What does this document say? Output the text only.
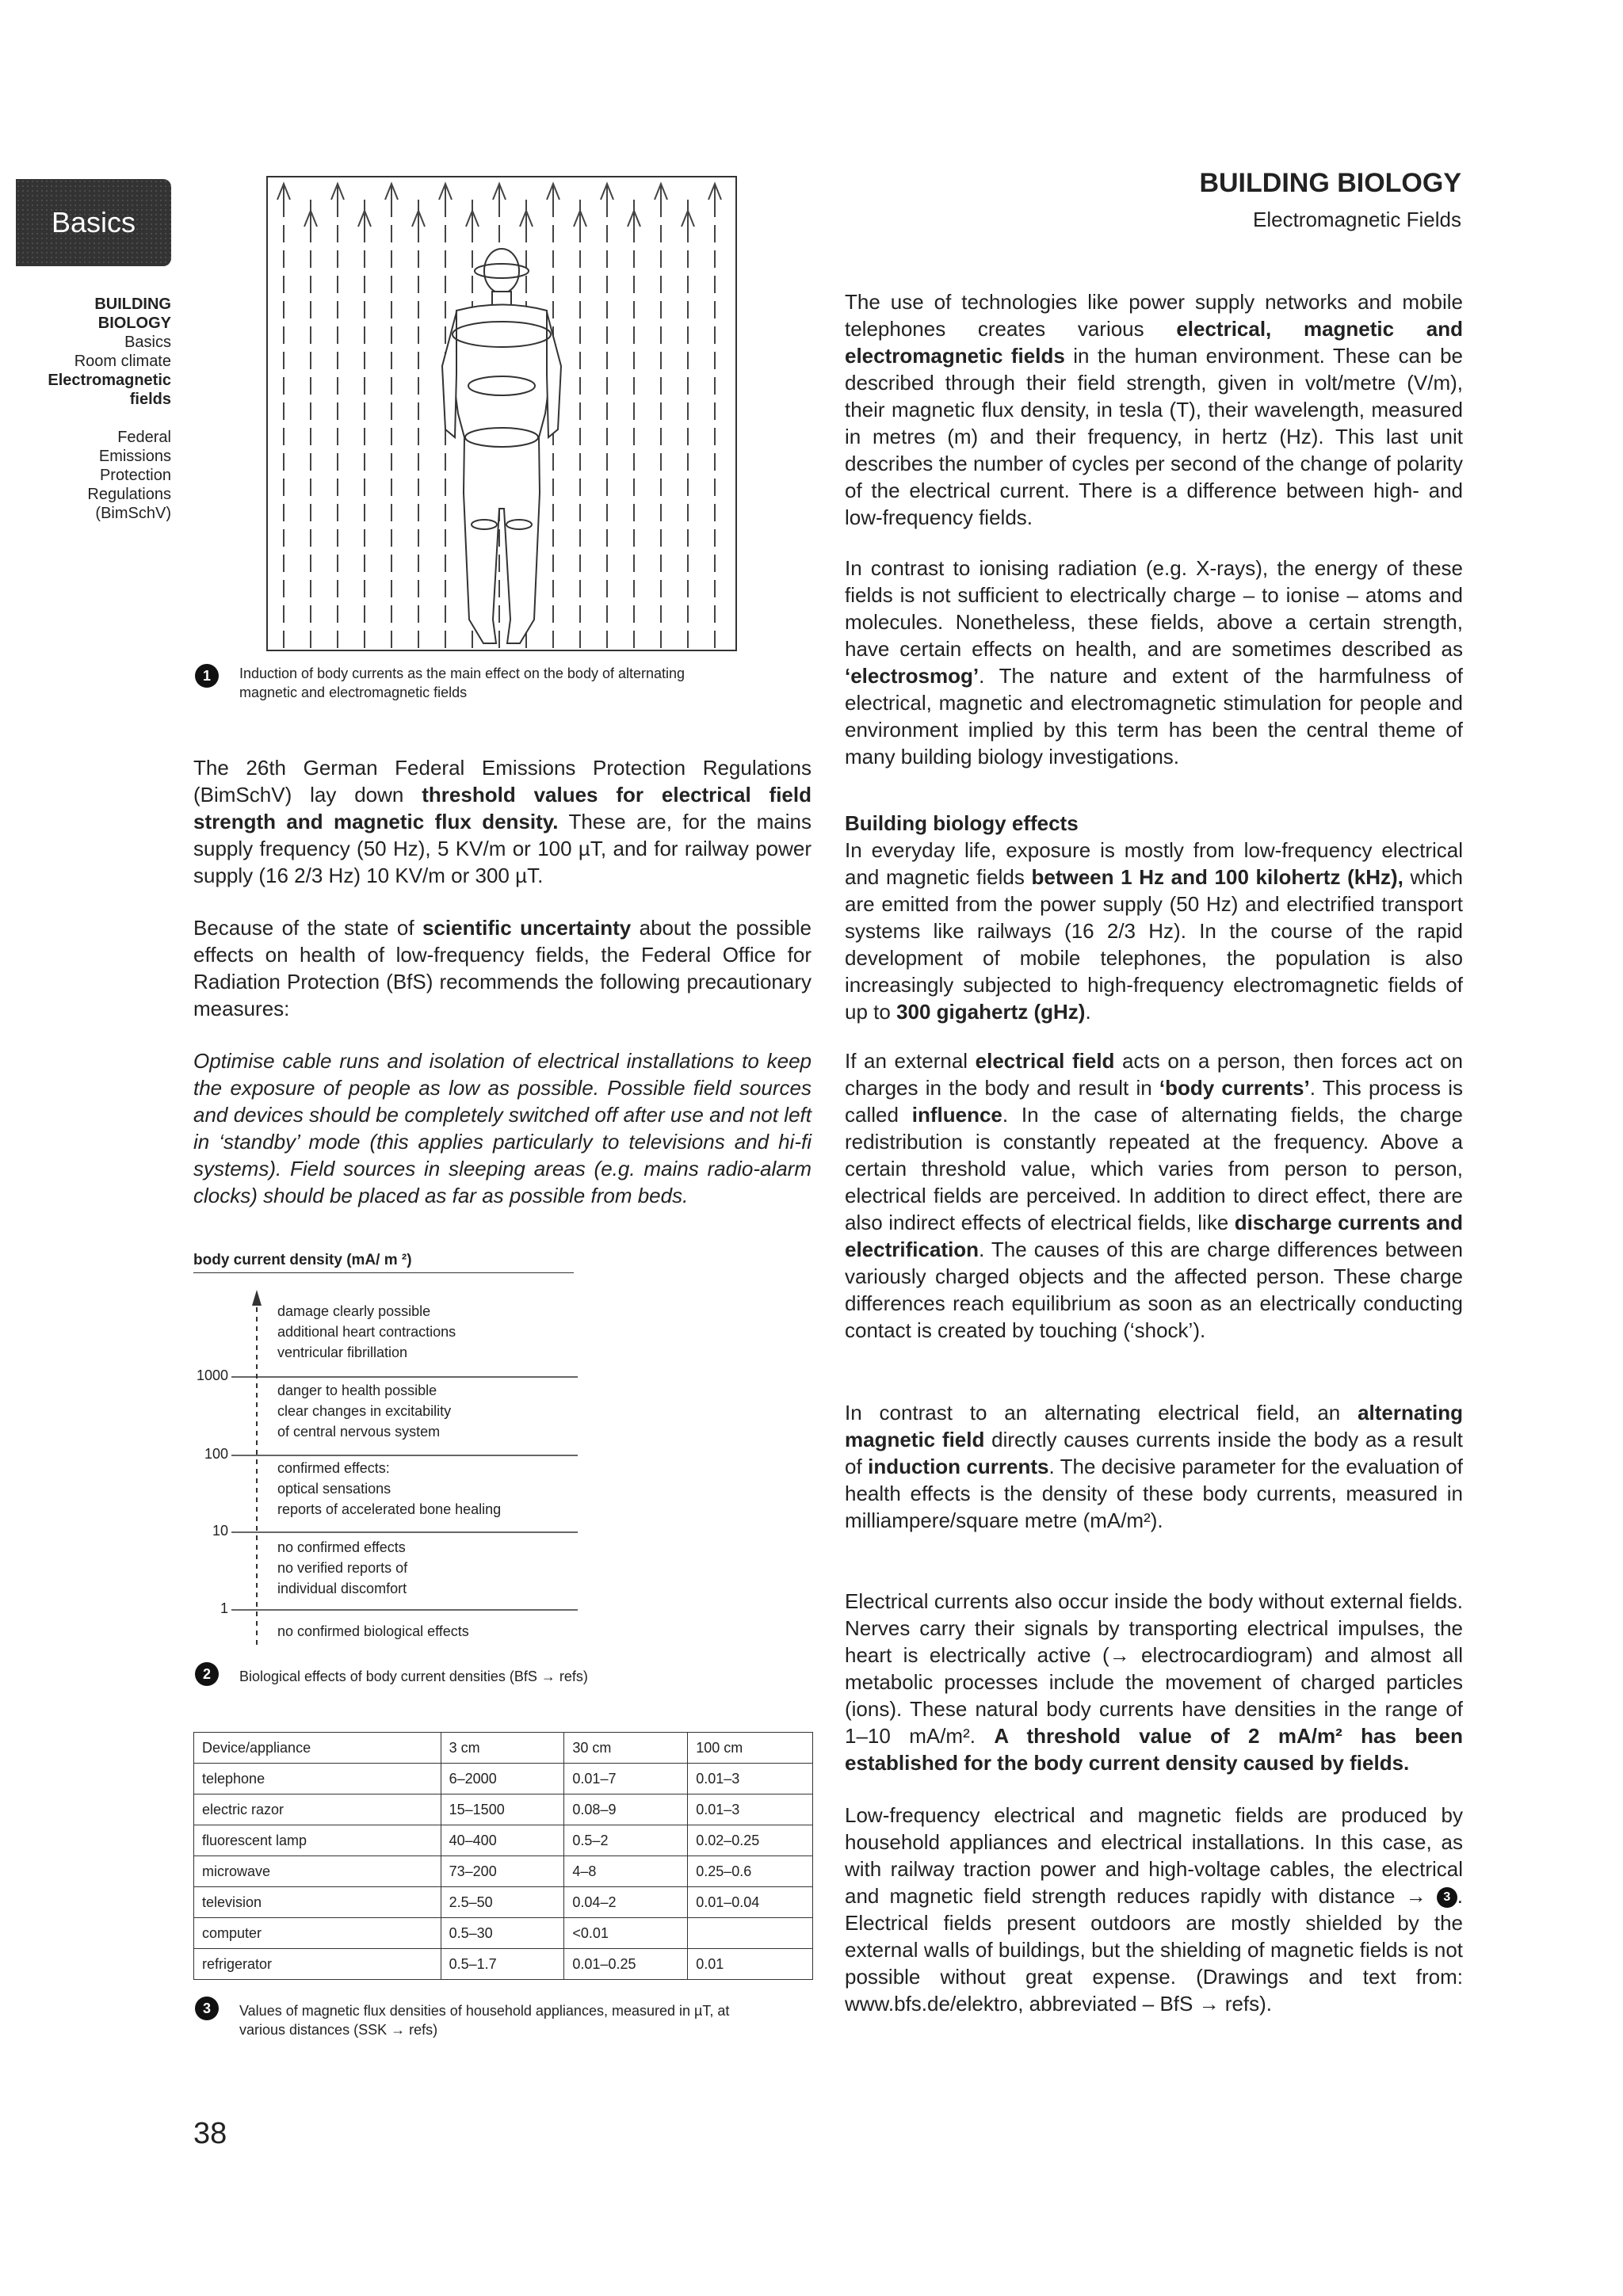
Basics
BUILDING
BIOLOGY
Basics
Room climate
Electromagnetic
fields
Federal
Emissions
Protection
Regulations
(BimSchV)
BUILDING BIOLOGY
Electromagnetic Fields
1	Induction of body currents as the main effect on the body of alternating
magnetic and electromagnetic fields

The 26th German Federal Emissions Protection Regulations (BimSchV) lay down threshold values for electrical field strength and magnetic flux density. These are, for the mains supply frequency (50 Hz), 5 KV/m or 100 µT, and for railway power supply (16 2/3 Hz) 10 KV/m or 300 µT.

Because of the state of scientific uncertainty about the possible effects on health of low-frequency fields, the Federal Office for Radiation Protection (BfS) recommends the following precautionary measures:

Optimise cable runs and isolation of electrical installations to keep the exposure of people as low as possible. Possible field sources and devices should be completely switched off after use and not left in ‘standby’ mode (this applies particularly to televisions and hi-fi systems). Field sources in sleeping areas (e.g. mains radio-alarm clocks) should be placed as far as possible from beds.

body current density (mA/ m ²)
1000
100
10
1
damage clearly possible
additional heart contractions
ventricular fibrillation
danger to health possible
clear changes in excitability
of central nervous system
confirmed effects:
optical sensations
reports of accelerated bone healing
no confirmed effects
no verified reports of
individual discomfort
no confirmed biological effects
2	Biological effects of body current densities (BfS → refs)
Device/appliance	3 cm	30 cm	100 cm
telephone	6–2000	0.01–7	0.01–3
electric razor	15–1500	0.08–9	0.01–3
fluorescent lamp	40–400	0.5–2	0.02–0.25
microwave	73–200	4–8	0.25–0.6
television	2.5–50	0.04–2	0.01–0.04
computer	0.5–30	<0.01	
refrigerator	0.5–1.7	0.01–0.25	0.01
3	Values of magnetic flux densities of household appliances, measured in µT, at
various distances (SSK → refs)

The use of technologies like power supply networks and mobile telephones creates various electrical, magnetic and electromagnetic fields in the human environment. These can be described through their field strength, given in volt/metre (V/m), their magnetic flux density, in tesla (T), their wavelength, measured in metres (m) and their frequency, in hertz (Hz). This last unit describes the number of cycles per second of the change of polarity of the electrical current. There is a difference between high- and low-frequency fields.

In contrast to ionising radiation (e.g. X-rays), the energy of these fields is not sufficient to electrically charge – to ionise – atoms and molecules. Nonetheless, these fields, above a certain strength, have certain effects on health, and are sometimes described as ‘electrosmog’. The nature and extent of the harmfulness of electrical, magnetic and electromagnetic stimulation for people and environment implied by this term has been the central theme of many building biology investigations.

Building biology effects

In everyday life, exposure is mostly from low-frequency electrical and magnetic fields between 1 Hz and 100 kilohertz (kHz), which are emitted from the power supply (50 Hz) and electrified transport systems like railways (16 2/3 Hz). In the course of the rapid development of mobile telephones, the population is also increasingly subjected to high-frequency electromagnetic fields of up to 300 gigahertz (gHz).

If an external electrical field acts on a person, then forces act on charges in the body and result in ‘body currents’. This process is called influence. In the case of alternating fields, the charge redistribution is constantly repeated at the frequency. Above a certain threshold value, which varies from person to person, electrical fields are perceived. In addition to direct effect, there are also indirect effects of electrical fields, like discharge currents and electrification. The causes of this are charge differences between variously charged objects and the affected person. These charge differences reach equilibrium as soon as an electrically conducting contact is created by touching (‘shock’).

In contrast to an alternating electrical field, an alternating magnetic field directly causes currents inside the body as a result of induction currents. The decisive parameter for the evaluation of health effects is the density of these body currents, measured in milliampere/square metre (mA/m²).

Electrical currents also occur inside the body without external fields. Nerves carry their signals by transporting electrical impulses, the heart is electrically active (→ electrocardiogram) and almost all metabolic processes include the movement of charged particles (ions). These natural body currents have densities in the range of 1–10 mA/m². A threshold value of 2 mA/m² has been established for the body current density caused by fields.

Low-frequency electrical and magnetic fields are produced by household appliances and electrical installations. In this case, as with railway traction power and high-voltage cables, the electrical and magnetic field strength reduces rapidly with distance → 3 . Electrical fields present outdoors are mostly shielded by the external walls of buildings, but the shielding of magnetic fields is not possible without great expense. (Drawings and text from: www.bfs.de/elektro, abbreviated – BfS → refs).

38
